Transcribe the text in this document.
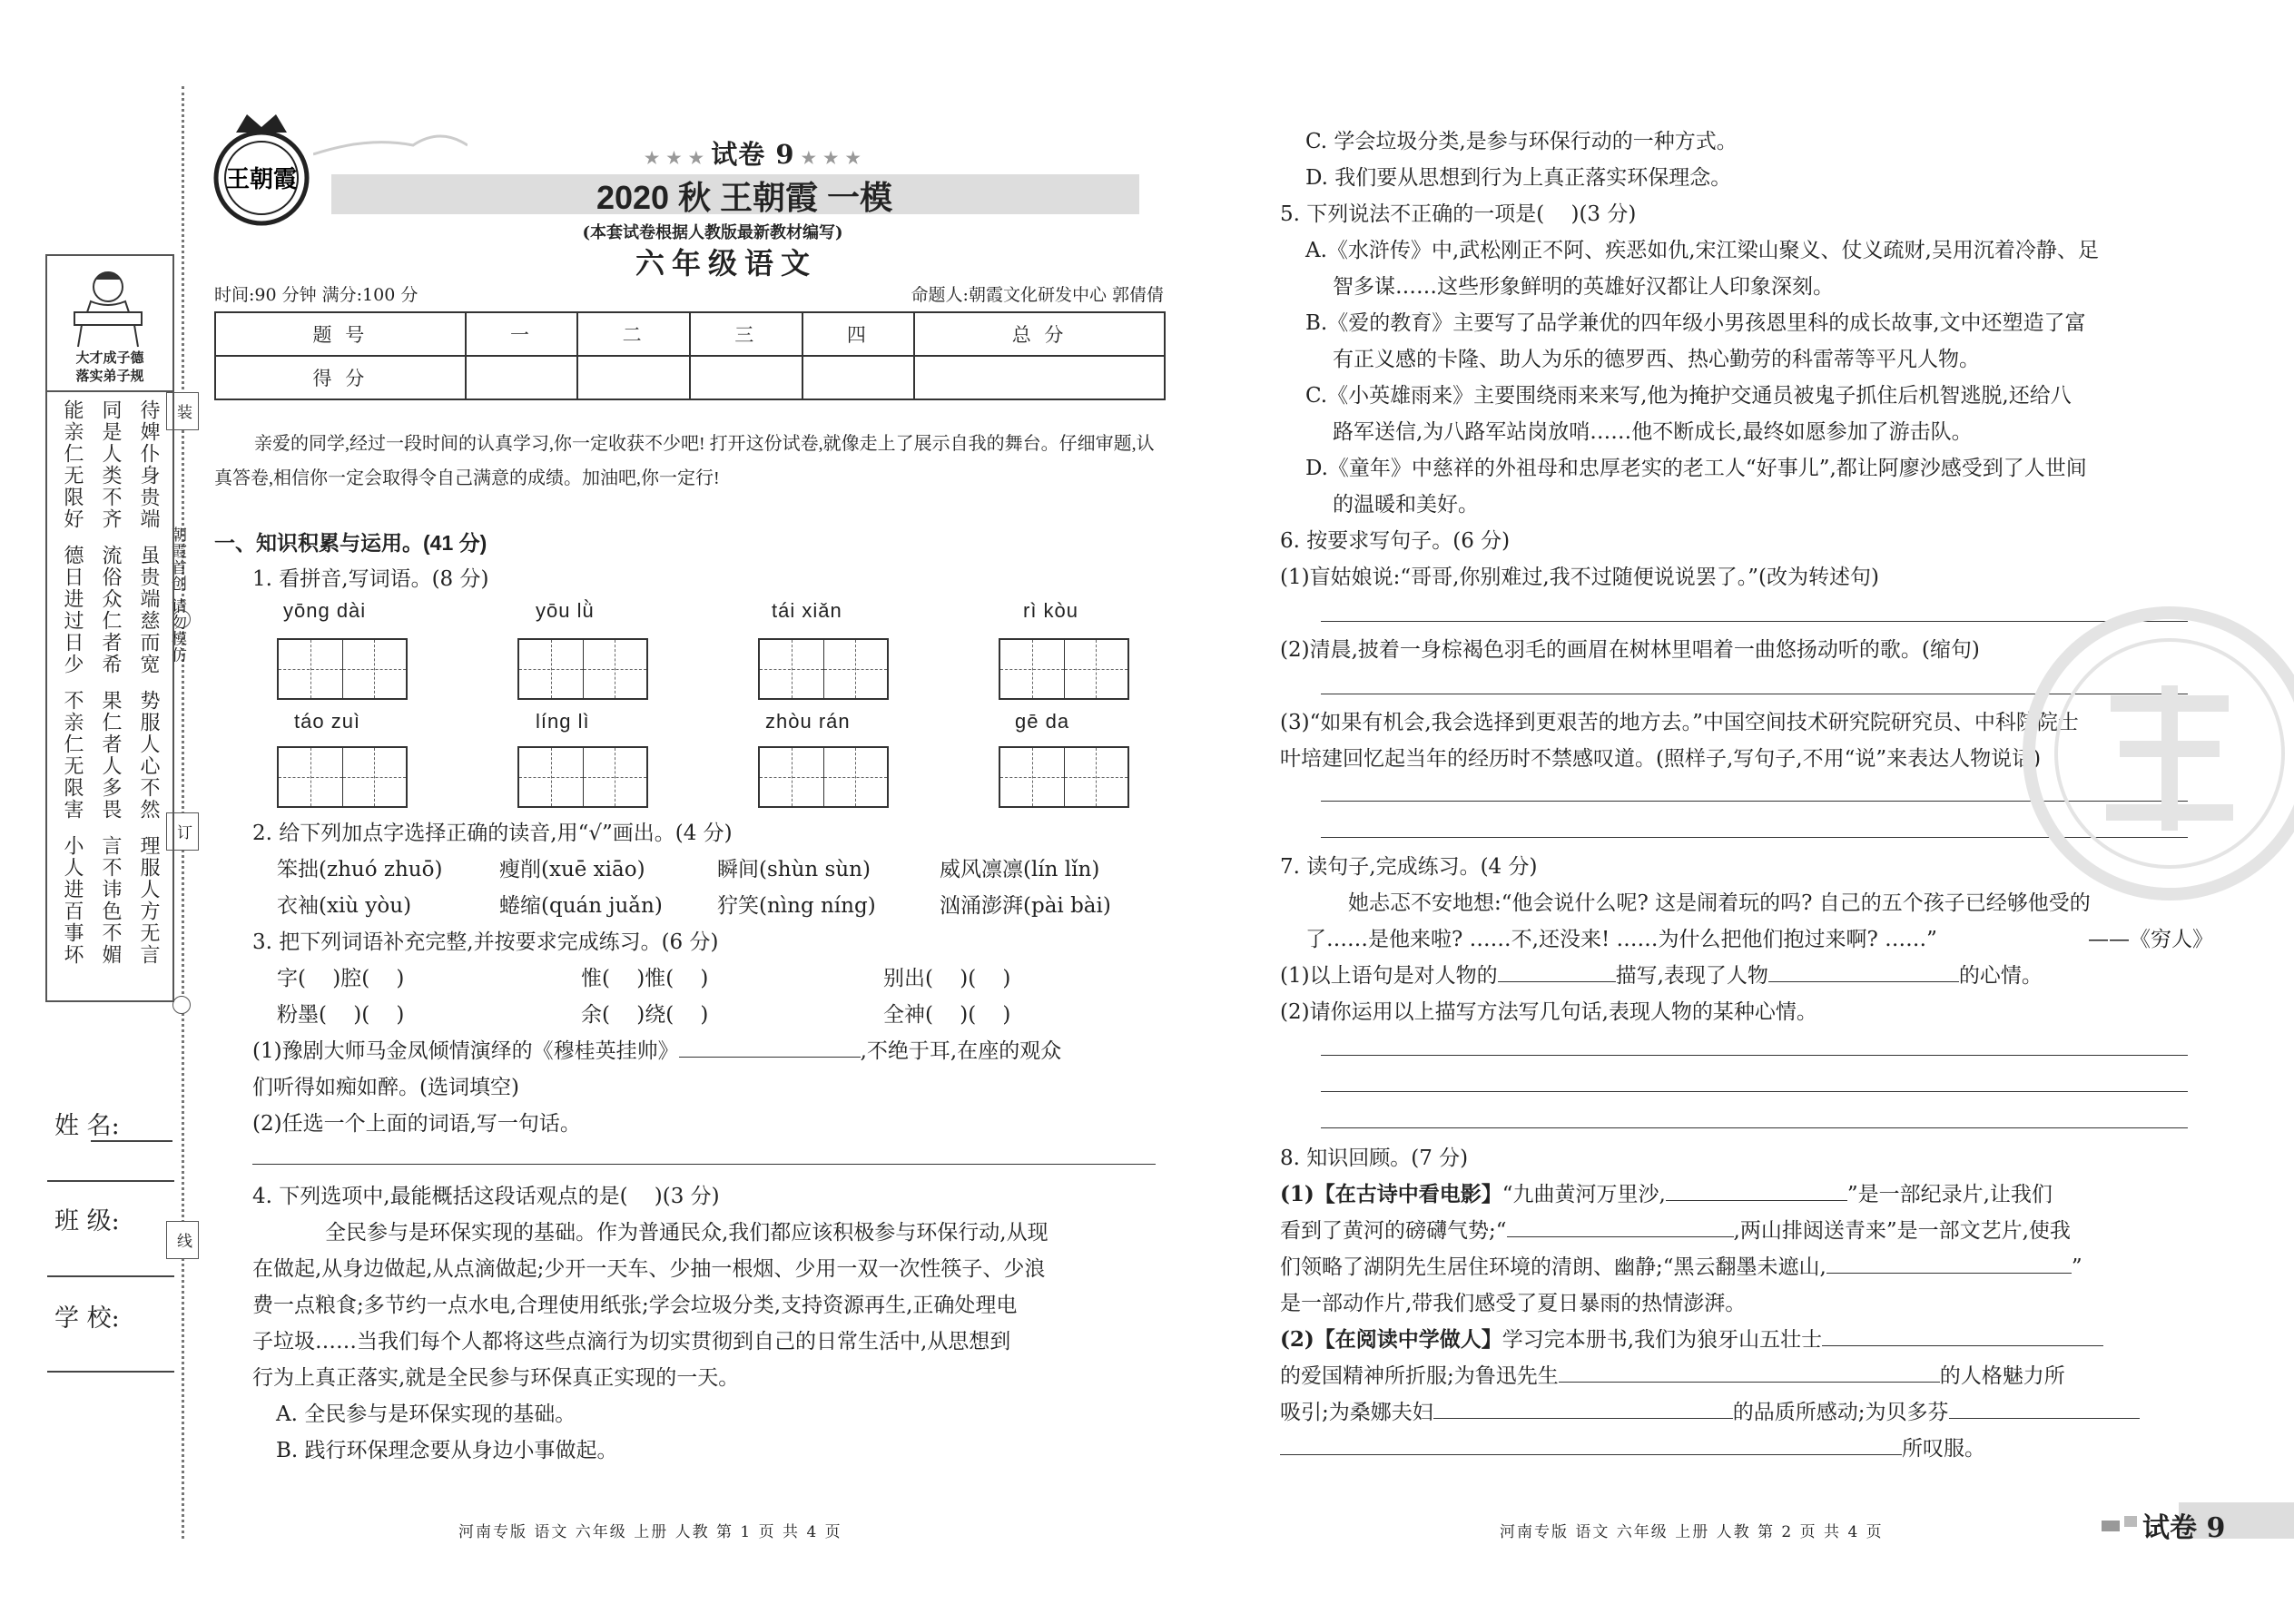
装
订
线
朝霞首创 请勿模仿
大才成子德
落实弟子规
能亲仁无限好 同是人类不齐 待婢仆身贵端
德日进过日少 流俗众仁者希 虽贵端慈而宽
不亲仁无限害 果仁者人多畏 势服人心不然
小人进百事坏 言不讳色不媚 理服人方无言
姓 名:
班 级:
学 校:
王朝霞
★ ★ ★ 试卷 9 ★ ★ ★
2020 秋 王朝霞 一模
(本套试卷根据人教版最新教材编写)
六年级语文
时间:90 分钟 满分:100 分	命题人:朝霞文化研发中心 郭倩倩
题 号	一	二	三	四	总 分
得 分					
亲爱的同学,经过一段时间的认真学习,你一定收获不少吧! 打开这份试卷,就像走上了展示自我的舞台。仔细审题,认真答卷,相信你一定会取得令自己满意的成绩。加油吧,你一定行!
一、知识积累与运用。(41 分)
1. 看拼音,写词语。(8 分)
yōng dài	yōu lǜ	tái xiǎn	rì kòu
táo zuì	líng lì	zhòu rán	gē da
2. 给下列加点字选择正确的读音,用“√”画出。(4 分)
笨拙(zhuó zhuō)	瘦削(xuē xiāo)	瞬间(shùn sùn)	威风凛凛(lín lǐn)
衣袖(xiù yòu)	蜷缩(quán juǎn)	狞笑(nìng níng)	汹涌澎湃(pài bài)
3. 把下列词语补充完整,并按要求完成练习。(6 分)
字(    )腔(    )	惟(    )惟(    )	别出(    )(    )
粉墨(    )(    )	余(    )绕(    )	全神(    )(    )
(1)豫剧大师马金凤倾情演绎的《穆桂英挂帅》	,不绝于耳,在座的观众
们听得如痴如醉。(选词填空)
(2)任选一个上面的词语,写一句话。
4. 下列选项中,最能概括这段话观点的是(    )(3 分)
全民参与是环保实现的基础。作为普通民众,我们都应该积极参与环保行动,从现
在做起,从身边做起,从点滴做起;少开一天车、少抽一根烟、少用一双一次性筷子、少浪
费一点粮食;多节约一点水电,合理使用纸张;学会垃圾分类,支持资源再生,正确处理电
子垃圾……当我们每个人都将这些点滴行为切实贯彻到自己的日常生活中,从思想到
行为上真正落实,就是全民参与环保真正实现的一天。
A. 全民参与是环保实现的基础。
B. 践行环保理念要从身边小事做起。
河南专版 语文 六年级 上册 人教 第 1 页 共 4 页
C. 学会垃圾分类,是参与环保行动的一种方式。
D. 我们要从思想到行为上真正落实环保理念。
5. 下列说法不正确的一项是(    )(3 分)
A.《水浒传》中,武松刚正不阿、疾恶如仇,宋江梁山聚义、仗义疏财,吴用沉着冷静、足
智多谋……这些形象鲜明的英雄好汉都让人印象深刻。
B.《爱的教育》主要写了品学兼优的四年级小男孩恩里科的成长故事,文中还塑造了富
有正义感的卡隆、助人为乐的德罗西、热心勤劳的科雷蒂等平凡人物。
C.《小英雄雨来》主要围绕雨来来写,他为掩护交通员被鬼子抓住后机智逃脱,还给八
路军送信,为八路军站岗放哨……他不断成长,最终如愿参加了游击队。
D.《童年》中慈祥的外祖母和忠厚老实的老工人“好事儿”,都让阿廖沙感受到了人世间
的温暖和美好。
6. 按要求写句子。(6 分)
(1)盲姑娘说:“哥哥,你别难过,我不过随便说说罢了。”(改为转述句)
(2)清晨,披着一身棕褐色羽毛的画眉在树林里唱着一曲悠扬动听的歌。(缩句)
(3)“如果有机会,我会选择到更艰苦的地方去。”中国空间技术研究院研究员、中科院院士
叶培建回忆起当年的经历时不禁感叹道。(照样子,写句子,不用“说”来表达人物说话)
7. 读句子,完成练习。(4 分)
她忐忑不安地想:“他会说什么呢? 这是闹着玩的吗? 自己的五个孩子已经够他受的
了……是他来啦? ……不,还没来! ……为什么把他们抱过来啊? ……”	——《穷人》
(1)以上语句是对人物的	描写,表现了人物	的心情。
(2)请你运用以上描写方法写几句话,表现人物的某种心情。
8. 知识回顾。(7 分)
(1)【在古诗中看电影】“九曲黄河万里沙,	”是一部纪录片,让我们
看到了黄河的磅礴气势;“	,两山排闼送青来”是一部文艺片,使我
们领略了湖阴先生居住环境的清朗、幽静;“黑云翻墨未遮山,	”
是一部动作片,带我们感受了夏日暴雨的热情澎湃。
(2)【在阅读中学做人】学习完本册书,我们为狼牙山五壮士
的爱国精神所折服;为鲁迅先生	的人格魅力所
吸引;为桑娜夫妇	的品质所感动;为贝多芬
所叹服。
河南专版 语文 六年级 上册 人教 第 2 页 共 4 页	试卷 9
